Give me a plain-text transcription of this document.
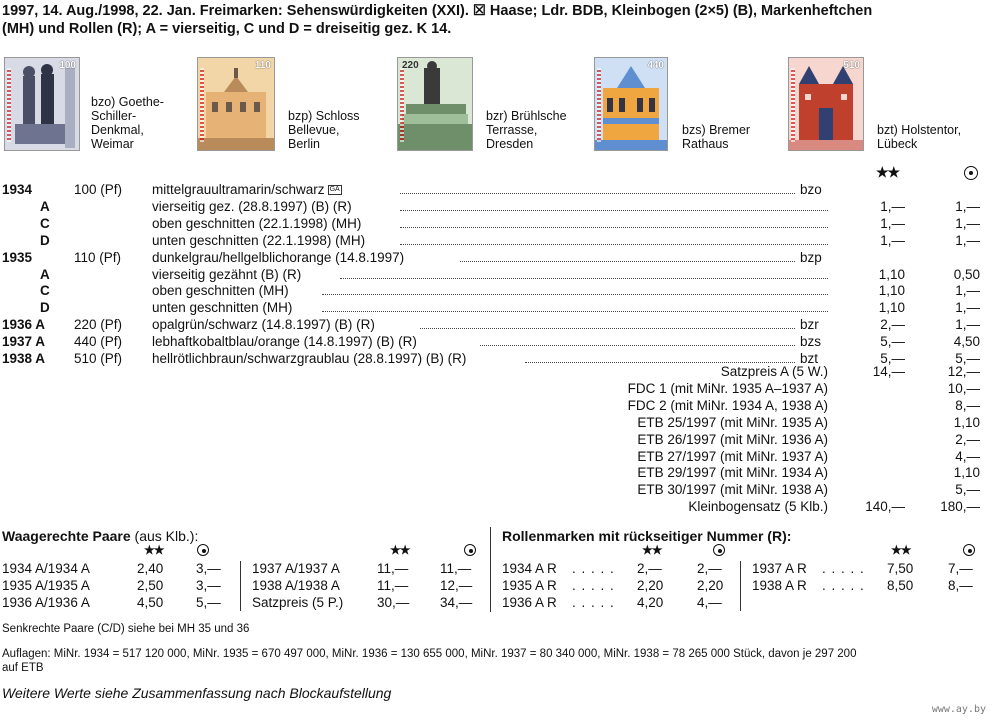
1997, 14. Aug./1998, 22. Jan. Freimarken: Sehenswürdigkeiten (XXI). ☒ Haase; Ldr. BDB, Kleinbogen (2×5) (B), Markenheftchen
(MH) und Rollen (R); A = vierseitig, C und D = dreiseitig gez. K 14.
100
bzo) Goethe-
Schiller-
Denkmal,
Weimar
110
bzp) Schloss
Bellevue,
Berlin
220
bzr) Brühlsche
Terrasse,
Dresden
440
bzs) Bremer
Rathaus
510
bzt) Holstentor,
Lübeck
★★
1934	100 (Pf)	mittelgrauultramarin/schwarz GA	bzo
A	vierseitig gez. (28.8.1997) (B) (R)	1,—	1,—
C	oben geschnitten (22.1.1998) (MH)	1,—	1,—
D	unten geschnitten (22.1.1998) (MH)	1,—	1,—
1935	110 (Pf)	dunkelgrau/hellgelblichorange (14.8.1997)	bzp
A	vierseitig gezähnt (B) (R)	1,10	0,50
C	oben geschnitten (MH)	1,10	1,—
D	unten geschnitten (MH)	1,10	1,—
1936 A 220 (Pf)	opalgrün/schwarz (14.8.1997) (B) (R)	bzr	2,—	1,—
1937 A 440 (Pf)	lebhaftkobaltblau/orange (14.8.1997) (B) (R)	bzs	5,—	4,50
1938 A 510 (Pf)	hellrötlichbraun/schwarzgraublau (28.8.1997) (B) (R)	bzt	5,—	5,—
Satzpreis A (5 W.)	14,—	12,—
FDC 1 (mit MiNr. 1935 A–1937 A)	10,—
FDC 2 (mit MiNr. 1934 A, 1938 A)	8,—
ETB 25/1997 (mit MiNr. 1935 A)	1,10
ETB 26/1997 (mit MiNr. 1936 A)	2,—
ETB 27/1997 (mit MiNr. 1937 A)	4,—
ETB 29/1997 (mit MiNr. 1934 A)	1,10
ETB 30/1997 (mit MiNr. 1938 A)	5,—
Kleinbogensatz (5 Klb.)	140,—	180,—
Waagerechte Paare (aus Klb.):
★★	★★
1934 A/1934 A	2,40 3,—
1935 A/1935 A	2,50 3,—
1936 A/1936 A	4,50 5,—
1937 A/1937 A	11,— 11,—
1938 A/1938 A	11,— 12,—
Satzpreis (5 P.) 30,— 34,—
Rollenmarken mit rückseitiger Nummer (R):
★★	★★
1934 A R . . . . . 2,—	2,—
1935 A R . . . . . 2,20 2,20
1936 A R . . . . . 4,20 4,—
1937 A R . . . . . 7,50	7,—
1938 A R . . . . . 8,50	8,—
Senkrechte Paare (C/D) siehe bei MH 35 und 36
Auflagen: MiNr. 1934 = 517 120 000, MiNr. 1935 = 670 497 000, MiNr. 1936 = 130 655 000, MiNr. 1937 = 80 340 000, MiNr. 1938 = 78 265 000 Stück, davon je 297 200
auf ETB
Weitere Werte siehe Zusammenfassung nach Blockaufstellung
www.ay.by
